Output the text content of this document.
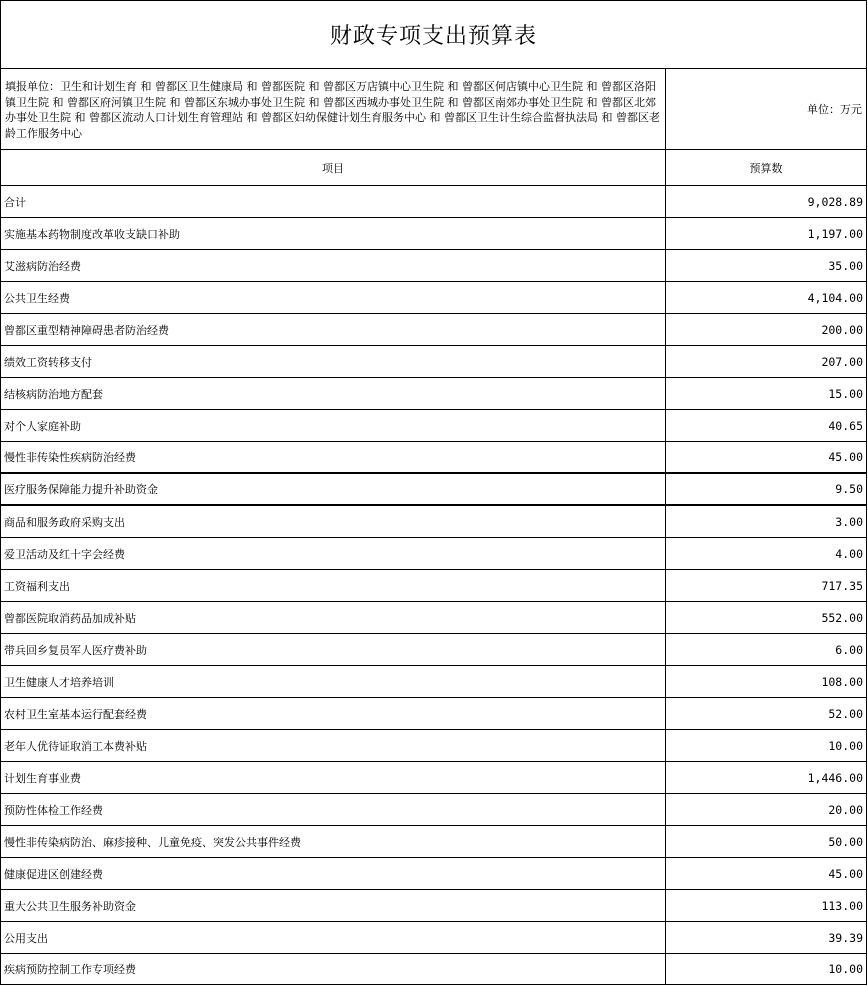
财政专项支出预算表
填报单位：卫生和计划生育 和 曾都区卫生健康局 和 曾都医院 和 曾都区万店镇中心卫生院 和 曾都区何店镇中心卫生院 和 曾都区洛阳镇卫生院 和 曾都区府河镇卫生院 和 曾都区东城办事处卫生院 和 曾都区西城办事处卫生院 和 曾都区南郊办事处卫生院 和 曾都区北郊办事处卫生院 和 曾都区流动人口计划生育管理站 和 曾都区妇幼保健计划生育服务中心 和 曾都区卫生计生综合监督执法局 和 曾都区老龄工作服务中心
单位：万元
项目	预算数
合计	9,028.89
实施基本药物制度改革收支缺口补助	1,197.00
艾滋病防治经费	35.00
公共卫生经费	4,104.00
曾都区重型精神障碍患者防治经费	200.00
绩效工资转移支付	207.00
结核病防治地方配套	15.00
对个人家庭补助	40.65
慢性非传染性疾病防治经费	45.00
医疗服务保障能力提升补助资金	9.50
商品和服务政府采购支出	3.00
爱卫活动及红十字会经费	4.00
工资福利支出	717.35
曾都医院取消药品加成补贴	552.00
带兵回乡复员军人医疗费补助	6.00
卫生健康人才培养培训	108.00
农村卫生室基本运行配套经费	52.00
老年人优待证取消工本费补贴	10.00
计划生育事业费	1,446.00
预防性体检工作经费	20.00
慢性非传染病防治、麻疹接种、儿童免疫、突发公共事件经费	50.00
健康促进区创建经费	45.00
重大公共卫生服务补助资金	113.00
公用支出	39.39
疾病预防控制工作专项经费	10.00
